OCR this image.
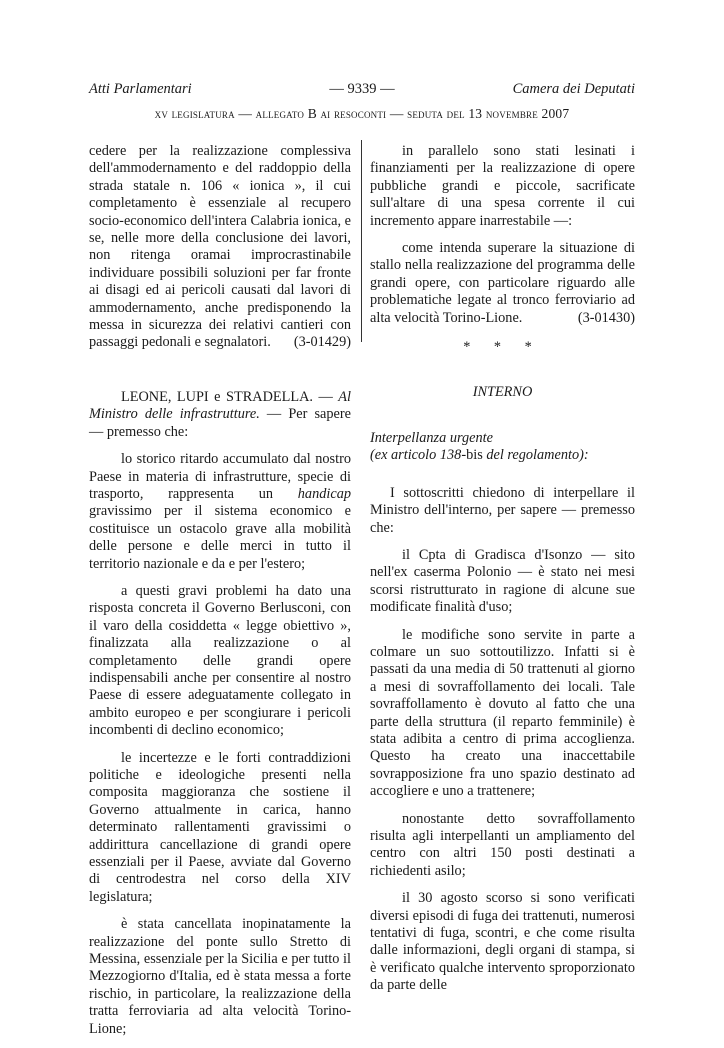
Atti Parlamentari	— 9339 —	Camera dei Deputati
xv legislatura — allegato B ai resoconti — seduta del 13 novembre 2007

cedere per la realizzazione complessiva dell'ammodernamento e del raddoppio della strada statale n. 106 « ionica », il cui completamento è essenziale al recupero socio-economico dell'intera Calabria ionica, e se, nelle more della conclusione dei lavori, non ritenga oramai improcrastinabile individuare possibili soluzioni per far fronte ai disagi ed ai pericoli causati dal lavori di ammodernamento, anche predisponendo la messa in sicurezza dei relativi cantieri con passaggi pedonali e segnalatori. (3-01429)

LEONE, LUPI e STRADELLA. — Al Ministro delle infrastrutture. — Per sapere — premesso che:

lo storico ritardo accumulato dal nostro Paese in materia di infrastrutture, specie di trasporto, rappresenta un handicap gravissimo per il sistema economico e costituisce un ostacolo grave alla mobilità delle persone e delle merci in tutto il territorio nazionale e da e per l'estero;

a questi gravi problemi ha dato una risposta concreta il Governo Berlusconi, con il varo della cosiddetta « legge obiettivo », finalizzata alla realizzazione o al completamento delle grandi opere indispensabili anche per consentire al nostro Paese di essere adeguatamente collegato in ambito europeo e per scongiurare i pericoli incombenti di declino economico;

le incertezze e le forti contraddizioni politiche e ideologiche presenti nella composita maggioranza che sostiene il Governo attualmente in carica, hanno determinato rallentamenti gravissimi o addirittura cancellazione di grandi opere essenziali per il Paese, avviate dal Governo di centrodestra nel corso della XIV legislatura;

è stata cancellata inopinatamente la realizzazione del ponte sullo Stretto di Messina, essenziale per la Sicilia e per tutto il Mezzogiorno d'Italia, ed è stata messa a forte rischio, in particolare, la realizzazione della tratta ferroviaria ad alta velocità Torino-Lione;

in parallelo sono stati lesinati i finanziamenti per la realizzazione di opere pubbliche grandi e piccole, sacrificate sull'altare di una spesa corrente il cui incremento appare inarrestabile —:

come intenda superare la situazione di stallo nella realizzazione del programma delle grandi opere, con particolare riguardo alle problematiche legate al tronco ferroviario ad alta velocità Torino-Lione.	(3-01430)

* * *

INTERNO

Interpellanza urgente

(ex articolo 138-bis del regolamento):

I sottoscritti chiedono di interpellare il Ministro dell'interno, per sapere — premesso che:

il Cpta di Gradisca d'Isonzo — sito nell'ex caserma Polonio — è stato nei mesi scorsi ristrutturato in ragione di alcune sue modificate finalità d'uso;

le modifiche sono servite in parte a colmare un suo sottoutilizzo. Infatti si è passati da una media di 50 trattenuti al giorno a mesi di sovraffollamento dei locali. Tale sovraffollamento è dovuto al fatto che una parte della struttura (il reparto femminile) è stata adibita a centro di prima accoglienza. Questo ha creato una inaccettabile sovrapposizione fra uno spazio destinato ad accogliere e uno a trattenere;

nonostante detto sovraffollamento risulta agli interpellanti un ampliamento del centro con altri 150 posti destinati a richiedenti asilo;

il 30 agosto scorso si sono verificati diversi episodi di fuga dei trattenuti, numerosi tentativi di fuga, scontri, e che come risulta dalle informazioni, degli organi di stampa, si è verificato qualche intervento sproporzionato da parte delle
